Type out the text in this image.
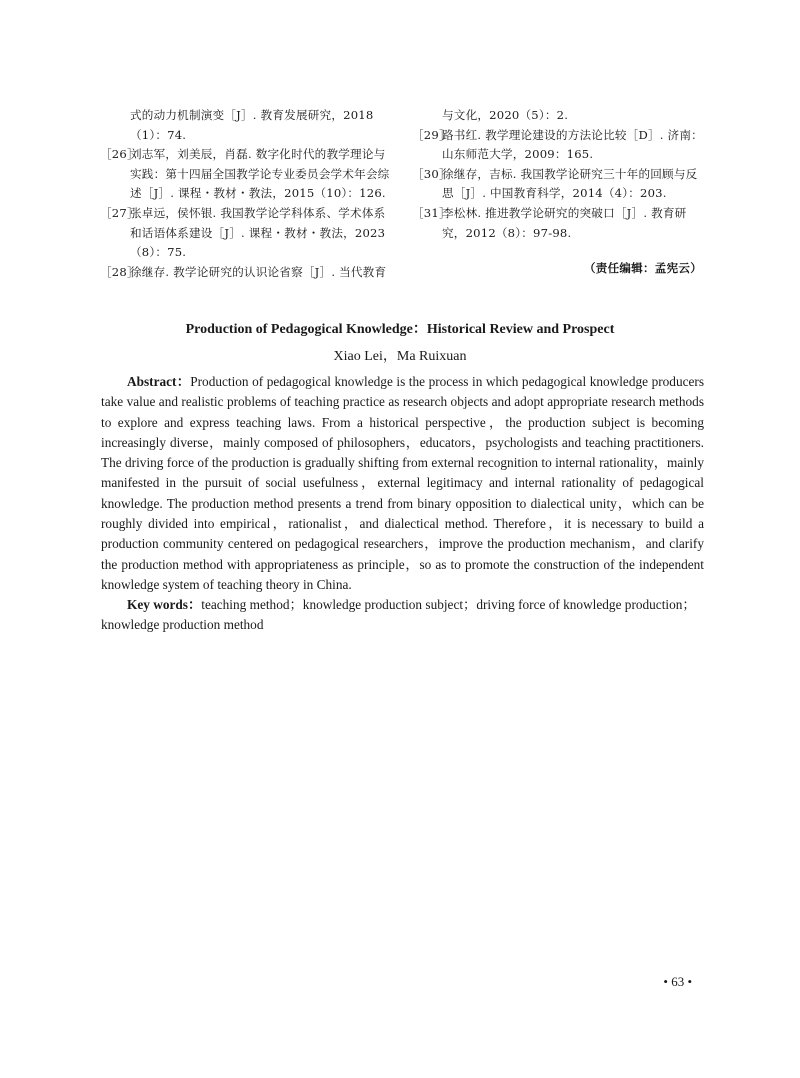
式的动力机制演变［J］. 教育发展研究，2018（1）：74.
［26］
刘志军，刘美辰，肖磊. 数字化时代的教学理论与实践：第十四届全国教学论专业委员会学术年会综述［J］. 课程・教材・教法，2015（10）：126.
［27］
张卓远，侯怀银. 我国教学论学科体系、学术体系和话语体系建设［J］. 课程・教材・教法，2023（8）：75.
［28］
徐继存. 教学论研究的认识论省察［J］. 当代教育
与文化，2020（5）：2.
［29］
路书红. 教学理论建设的方法论比较［D］. 济南：山东师范大学，2009：165.
［30］
徐继存，吉标. 我国教学论研究三十年的回顾与反思［J］. 中国教育科学，2014（4）：203.
［31］
李松林. 推进教学论研究的突破口［J］. 教育研究，2012（8）：97-98.
（责任编辑：孟宪云）
Production of Pedagogical Knowledge：Historical Review and Prospect
Xiao Lei，Ma Ruixuan

Abstract：Production of pedagogical knowledge is the process in which pedagogical knowledge producers take value and realistic problems of teaching practice as research objects and adopt appropriate research methods to explore and express teaching laws. From a historical perspective，the production subject is becoming increasingly diverse，mainly composed of philosophers，educators，psychologists and teaching practitioners. The driving force of the production is gradually shifting from external recognition to internal rationality，mainly manifested in the pursuit of social usefulness，external legitimacy and internal rationality of pedagogical knowledge. The production method presents a trend from binary opposition to dialectical unity，which can be roughly divided into empirical，rationalist，and dialectical method. Therefore，it is necessary to build a production community centered on pedagogical researchers，improve the production mechanism，and clarify the production method with appropriateness as principle，so as to promote the construction of the independent knowledge system of teaching theory in China.

Key words：teaching method；knowledge production subject；driving force of knowledge production；knowledge production method

• 63 •
